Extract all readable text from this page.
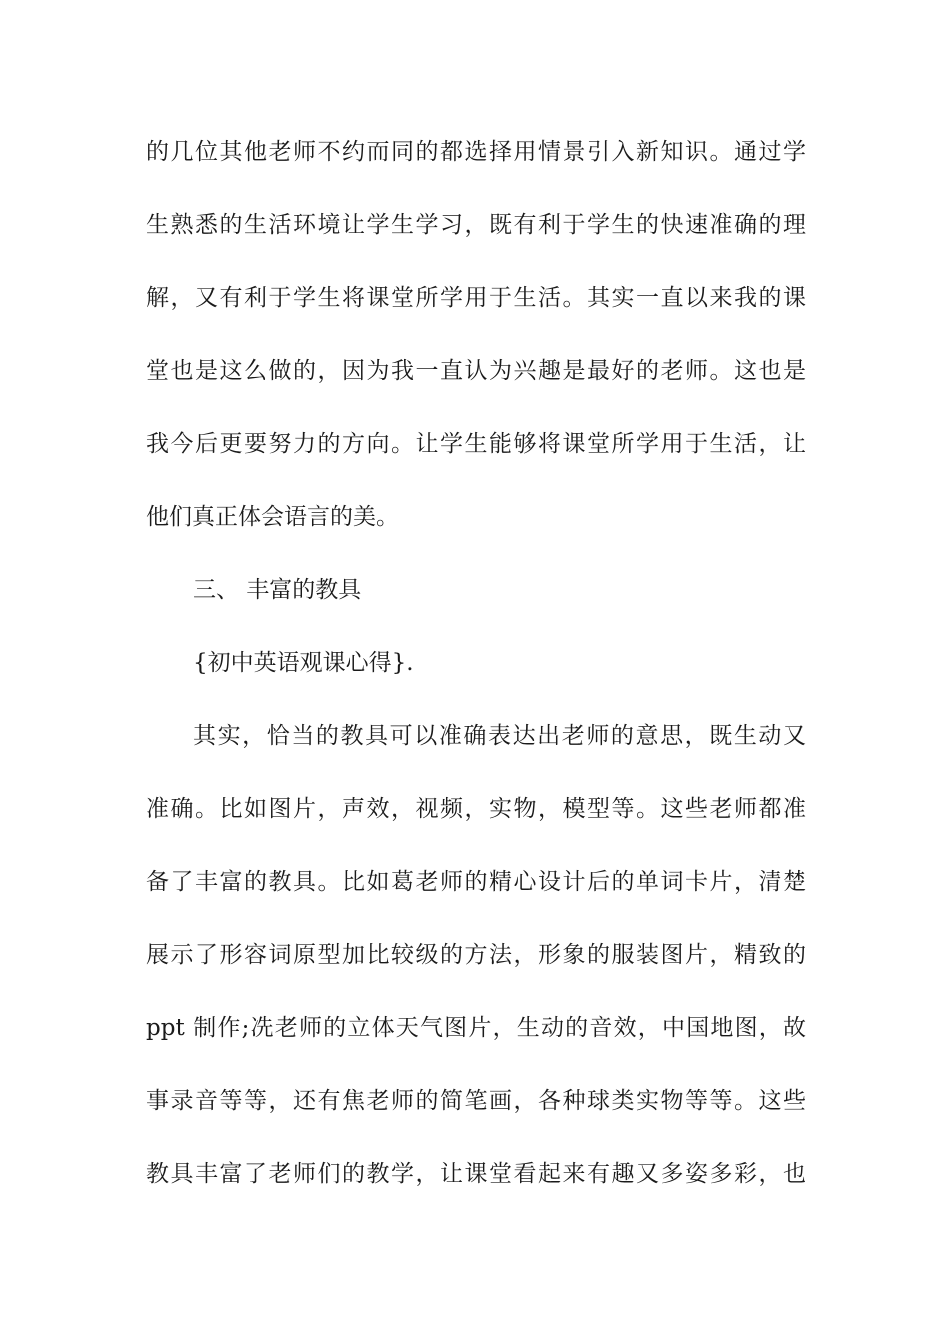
的几位其他老师不约而同的都选择用情景引入新知识。通过学
生熟悉的生活环境让学生学习，既有利于学生的快速准确的理
解，又有利于学生将课堂所学用于生活。其实一直以来我的课
堂也是这么做的，因为我一直认为兴趣是最好的老师。这也是
我今后更要努力的方向。让学生能够将课堂所学用于生活，让
他们真正体会语言的美。
三、 丰富的教具
{初中英语观课心得}.
其实，恰当的教具可以准确表达出老师的意思，既生动又
准确。比如图片，声效，视频，实物，模型等。这些老师都准
备了丰富的教具。比如葛老师的精心设计后的单词卡片，清楚
展示了形容词原型加比较级的方法，形象的服装图片，精致的
ppt 制作;冼老师的立体天气图片，生动的音效，中国地图，故
事录音等等，还有焦老师的简笔画，各种球类实物等等。这些
教具丰富了老师们的教学，让课堂看起来有趣又多姿多彩，也
